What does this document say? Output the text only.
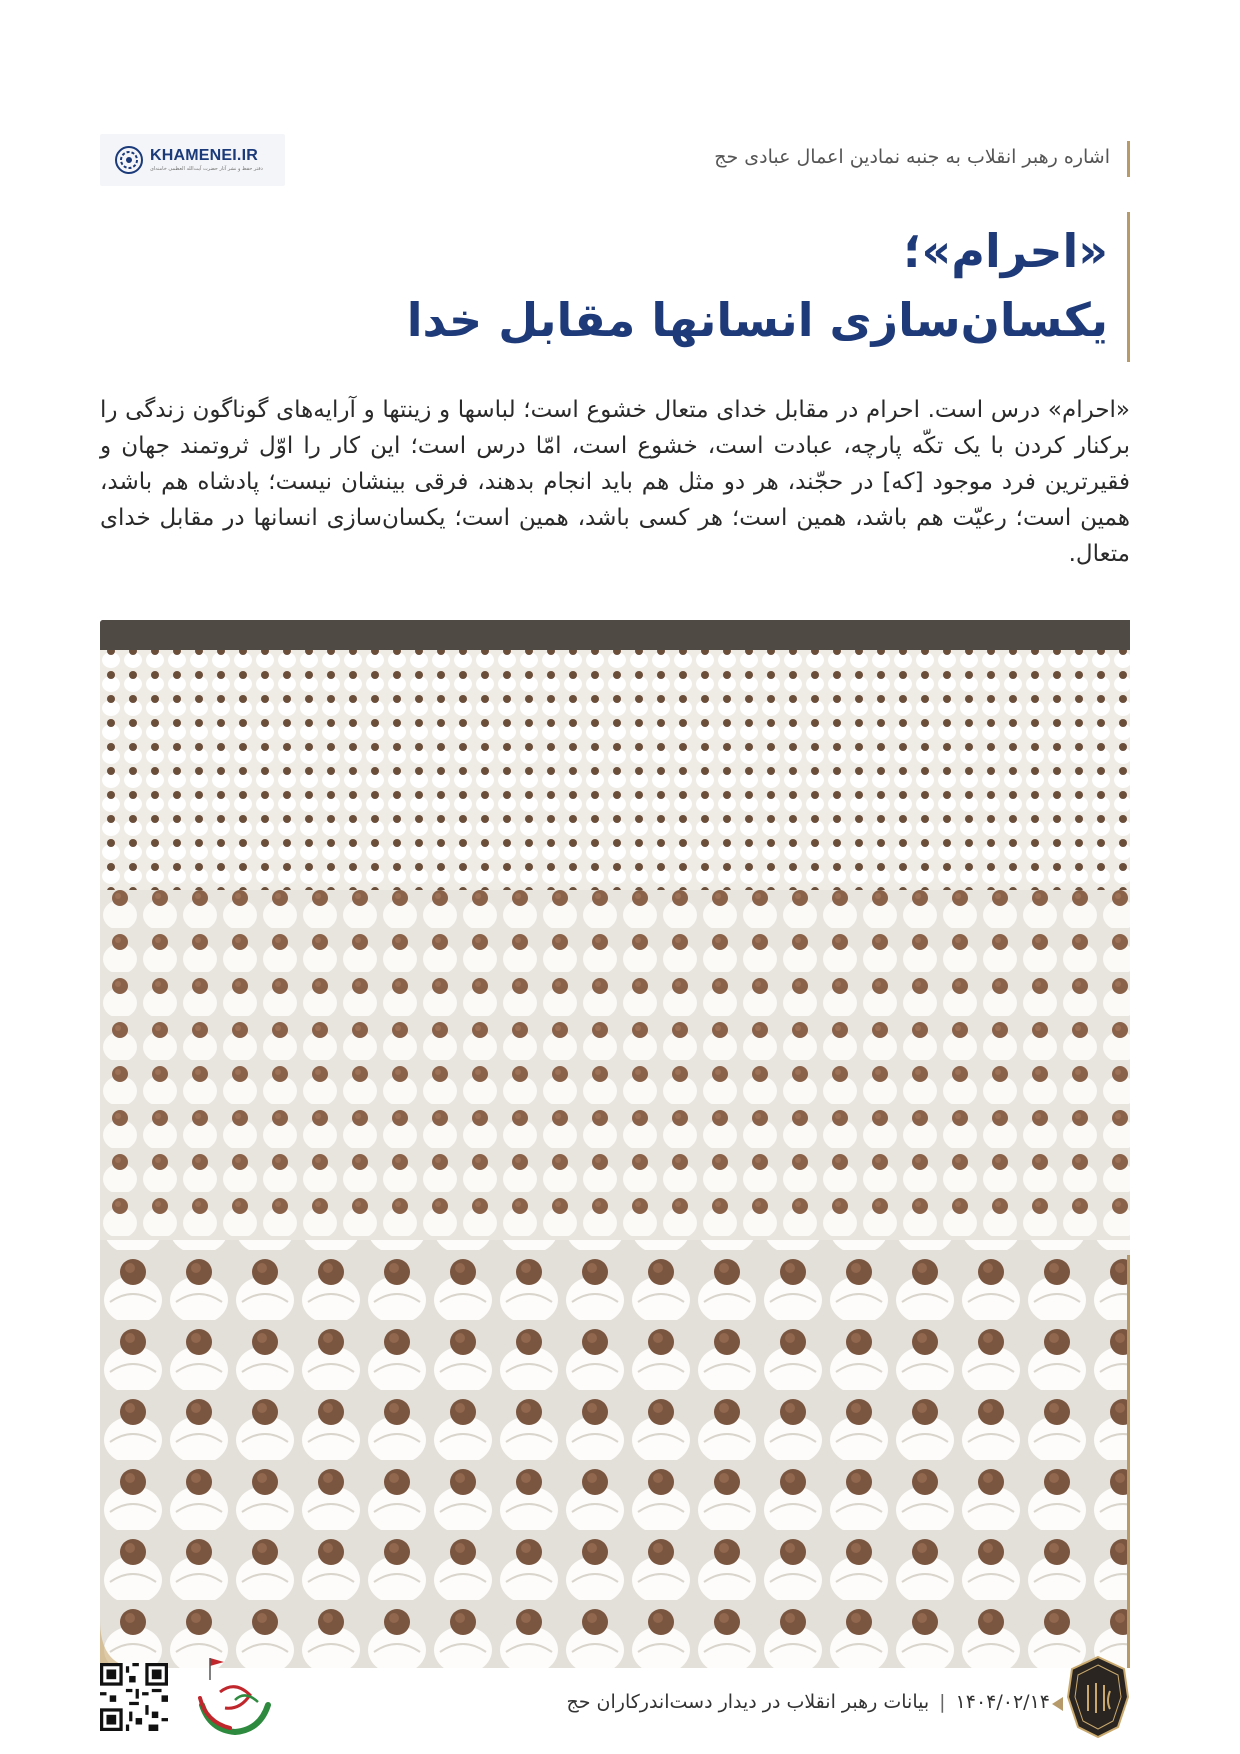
اشاره رهبر انقلاب به جنبه نمادین اعمال عبادی حج
KHAMENEI.IR
دفتر حفظ و نشر آثار حضرت آیت‌الله العظمی خامنه‌ای
«احرام»؛
یکسان‌سازی انسانها مقابل خدا
«احرام» درس است. احرام در مقابل خدای متعال خشوع است؛ لباسها و زینتها و آرایه‌های گوناگون زندگی را برکنار کردن با یک تکّه پارچه، عبادت است، خشوع است، امّا درس است؛ این کار را اوّل ثروتمند جهان و فقیرترین فرد موجود [که] در حجّند، هر دو مثل هم باید انجام بدهند، فرقی بینشان نیست؛ پادشاه هم باشد، همین است؛ رعیّت هم باشد، همین است؛ هر کسی باشد، همین است؛ یکسان‌سازی انسانها در مقابل خدای متعال.
۱۴۰۴/۰۲/۱۴|بیانات رهبر انقلاب در دیدار دست‌اندرکاران حج
